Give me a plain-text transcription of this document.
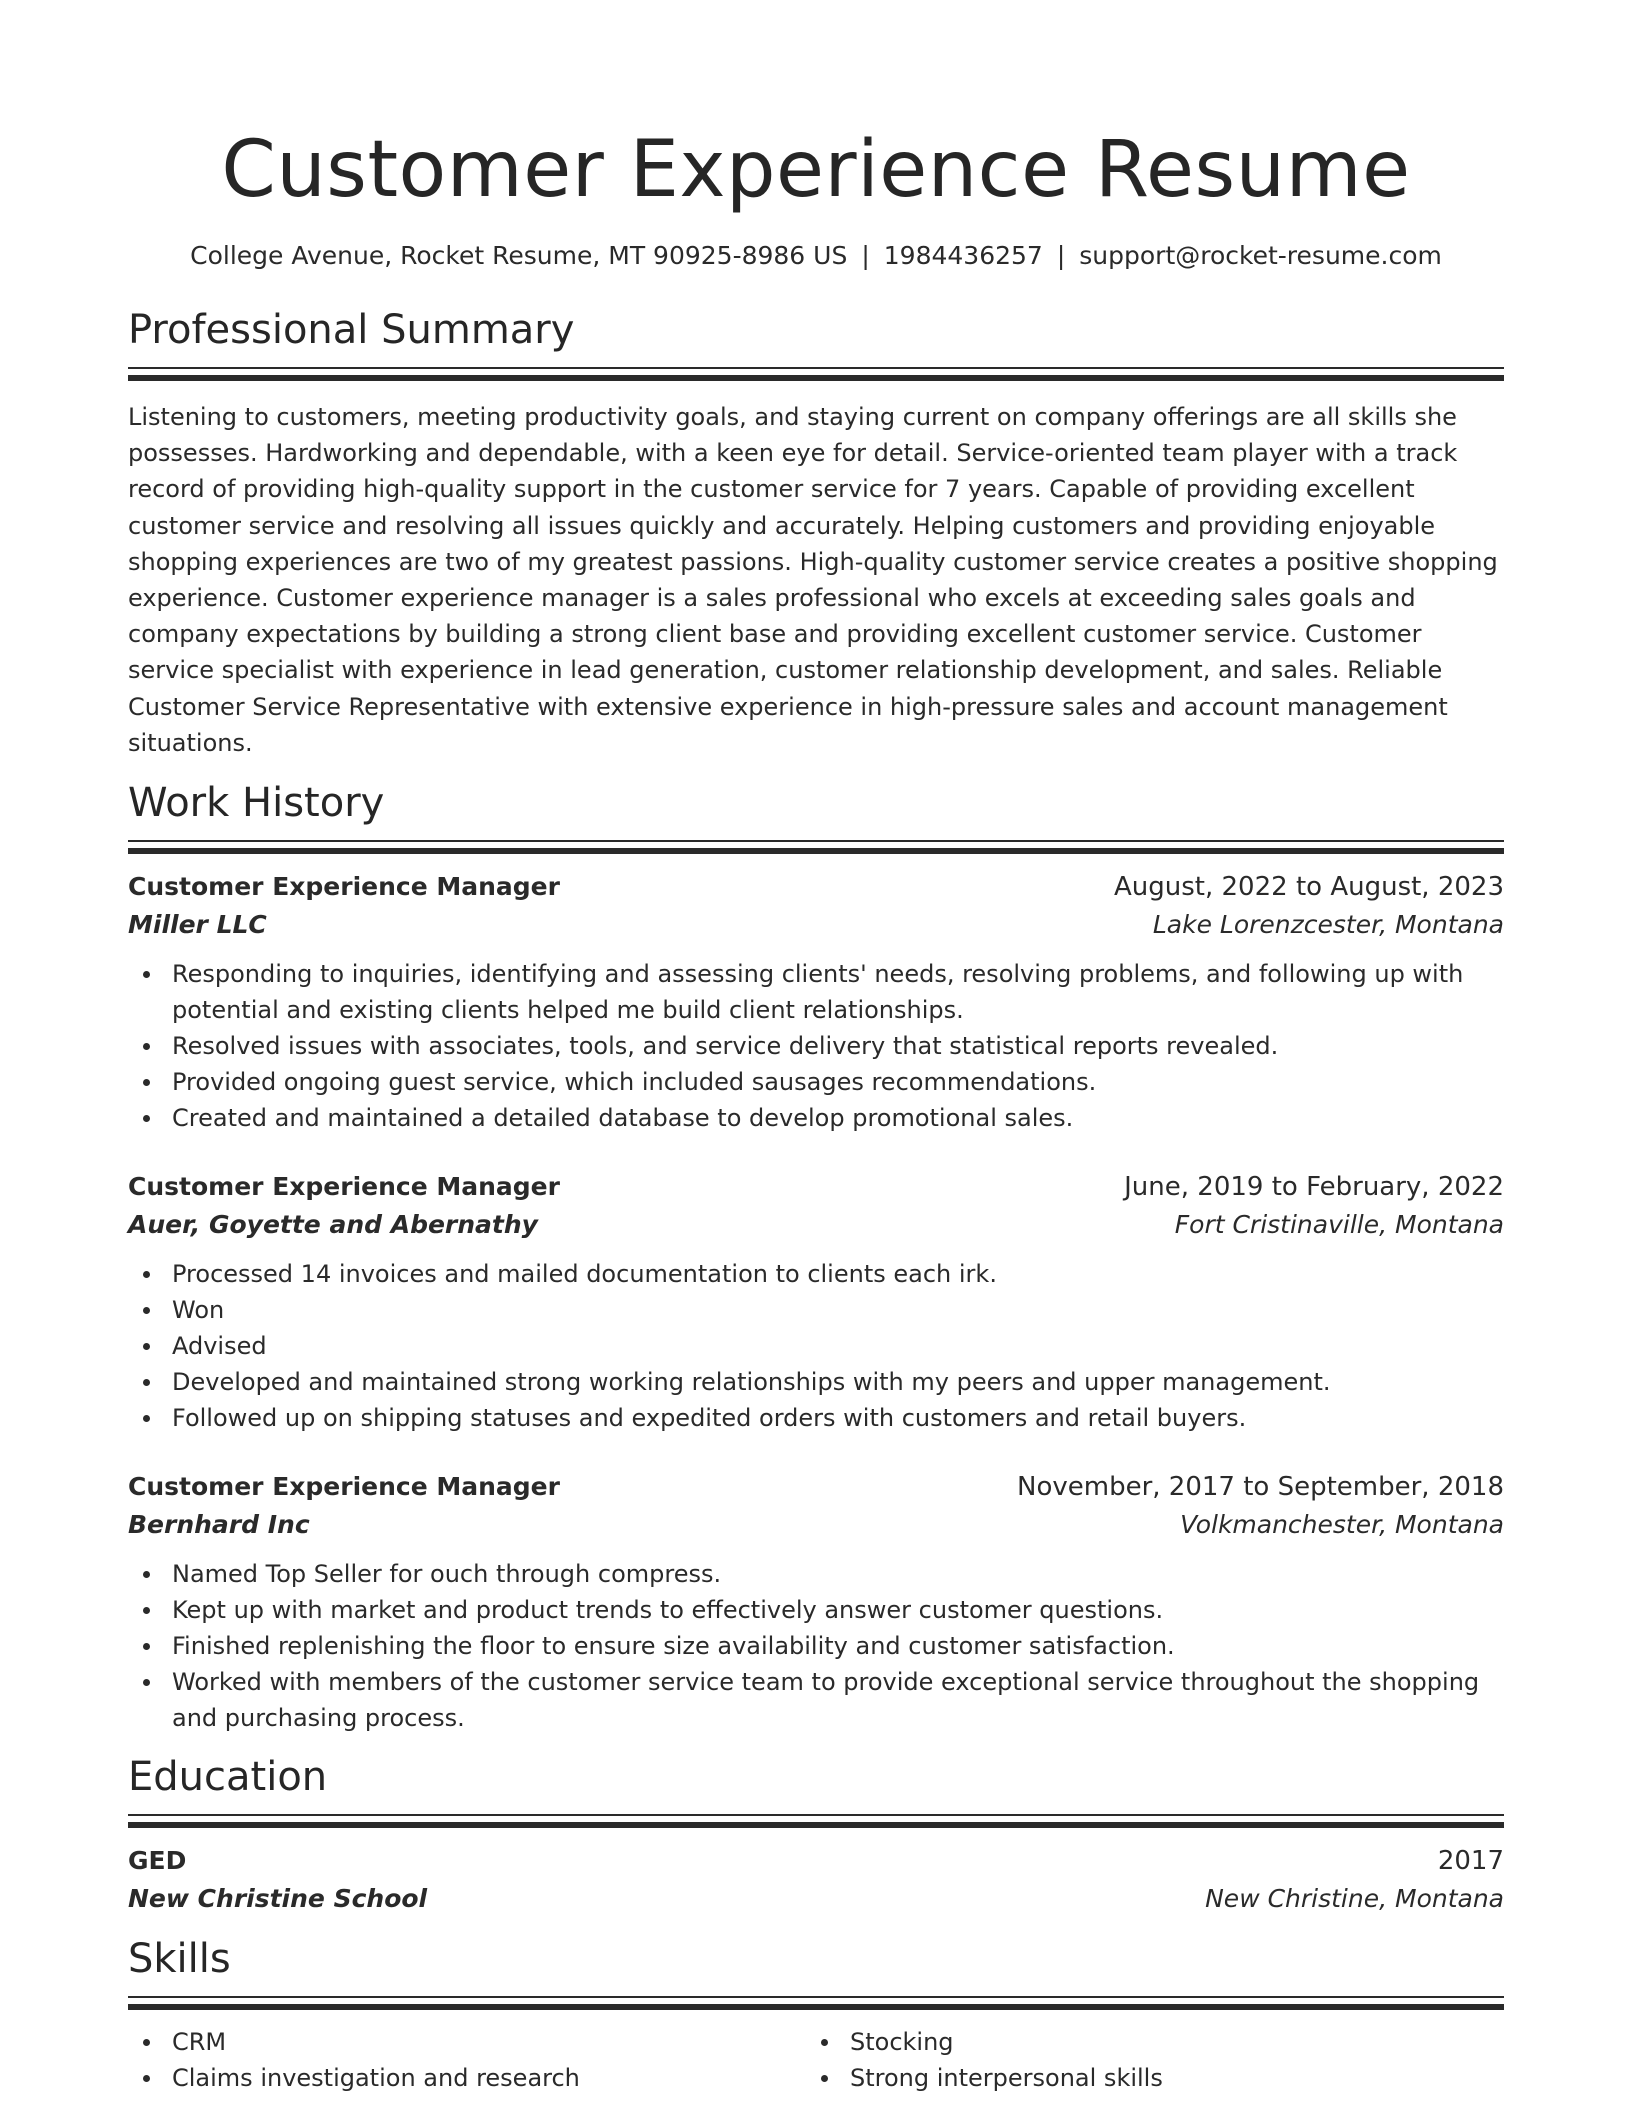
Customer Experience Resume
College Avenue, Rocket Resume, MT 90925-8986 US | 1984436257 | support@rocket-resume.com
Professional Summary
Listening to customers, meeting productivity goals, and staying current on company offerings are all skills she possesses. Hardworking and dependable, with a keen eye for detail. Service-oriented team player with a track record of providing high-quality support in the customer service for 7 years. Capable of providing excellent customer service and resolving all issues quickly and accurately. Helping customers and providing enjoyable shopping experiences are two of my greatest passions. High-quality customer service creates a positive shopping experience. Customer experience manager is a sales professional who excels at exceeding sales goals and company expectations by building a strong client base and providing excellent customer service. Customer service specialist with experience in lead generation, customer relationship development, and sales. Reliable Customer Service Representative with extensive experience in high-pressure sales and account management situations.
Work History
Customer Experience Manager	August, 2022 to August, 2023
Miller LLC	Lake Lorenzcester, Montana
Responding to inquiries, identifying and assessing clients' needs, resolving problems, and following up with potential and existing clients helped me build client relationships.
Resolved issues with associates, tools, and service delivery that statistical reports revealed.
Provided ongoing guest service, which included sausages recommendations.
Created and maintained a detailed database to develop promotional sales.
Customer Experience Manager	June, 2019 to February, 2022
Auer, Goyette and Abernathy	Fort Cristinaville, Montana
Processed 14 invoices and mailed documentation to clients each irk.
Won
Advised
Developed and maintained strong working relationships with my peers and upper management.
Followed up on shipping statuses and expedited orders with customers and retail buyers.
Customer Experience Manager	November, 2017 to September, 2018
Bernhard Inc	Volkmanchester, Montana
Named Top Seller for ouch through compress.
Kept up with market and product trends to effectively answer customer questions.
Finished replenishing the floor to ensure size availability and customer satisfaction.
Worked with members of the customer service team to provide exceptional service throughout the shopping and purchasing process.
Education
GED	2017
New Christine School	New Christine, Montana
Skills
CRM
Claims investigation and research
Stocking
Strong interpersonal skills
